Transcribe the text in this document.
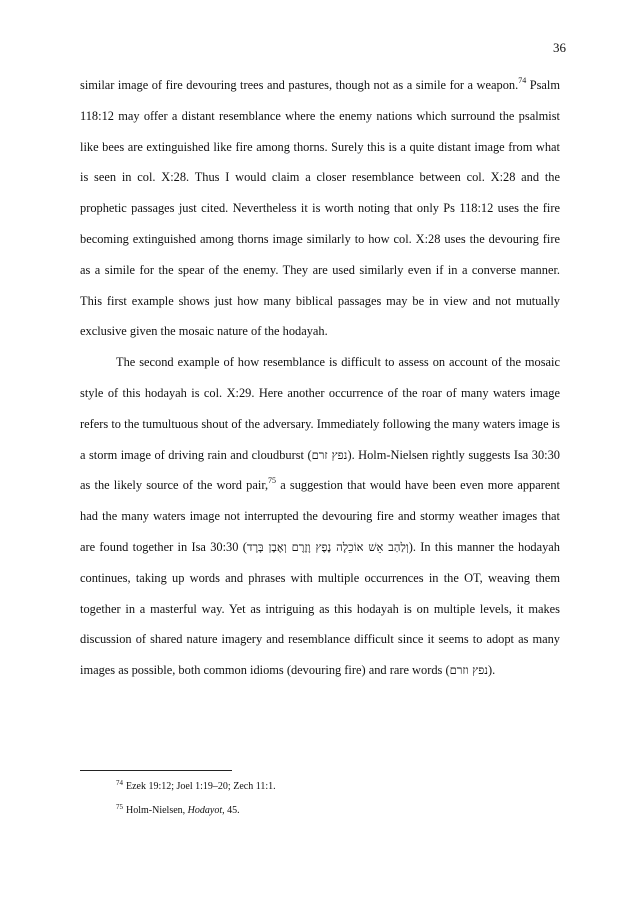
36

similar image of fire devouring trees and pastures, though not as a simile for a weapon.$^{74}$ Psalm 118:12 may offer a distant resemblance where the enemy nations which surround the psalmist like bees are extinguished like fire among thorns. Surely this is a quite distant image from what is seen in col. X:28. Thus I would claim a closer resemblance between col. X:28 and the prophetic passages just cited. Nevertheless it is worth noting that only Ps 118:12 uses the fire becoming extinguished among thorns image similarly to how col. X:28 uses the devouring fire as a simile for the spear of the enemy. They are used similarly even if in a converse manner. This first example shows just how many biblical passages may be in view and not mutually exclusive given the mosaic nature of the hodayah.

The second example of how resemblance is difficult to assess on account of the mosaic style of this hodayah is col. X:29. Here another occurrence of the roar of many waters image refers to the tumultuous shout of the adversary. Immediately following the many waters image is a storm image of driving rain and cloudburst (נפץ זרם). Holm-Nielsen rightly suggests Isa 30:30 as the likely source of the word pair,$^{75}$ a suggestion that would have been even more apparent had the many waters image not interrupted the devouring fire and stormy weather images that are found together in Isa 30:30 (וְלַהַב אֵשׁ אוֹכֵלָה נֶפֶץ וָזֶרֶם וְאֶבֶן בָּרָד). In this manner the hodayah continues, taking up words and phrases with multiple occurrences in the OT, weaving them together in a masterful way. Yet as intriguing as this hodayah is on multiple levels, it makes discussion of shared nature imagery and resemblance difficult since it seems to adopt as many images as possible, both common idioms (devouring fire) and rare words (נפץ וזרם).

$^{74}$ Ezek 19:12; Joel 1:19–20; Zech 11:1.

$^{75}$ Holm-Nielsen, Hodayot, 45.
